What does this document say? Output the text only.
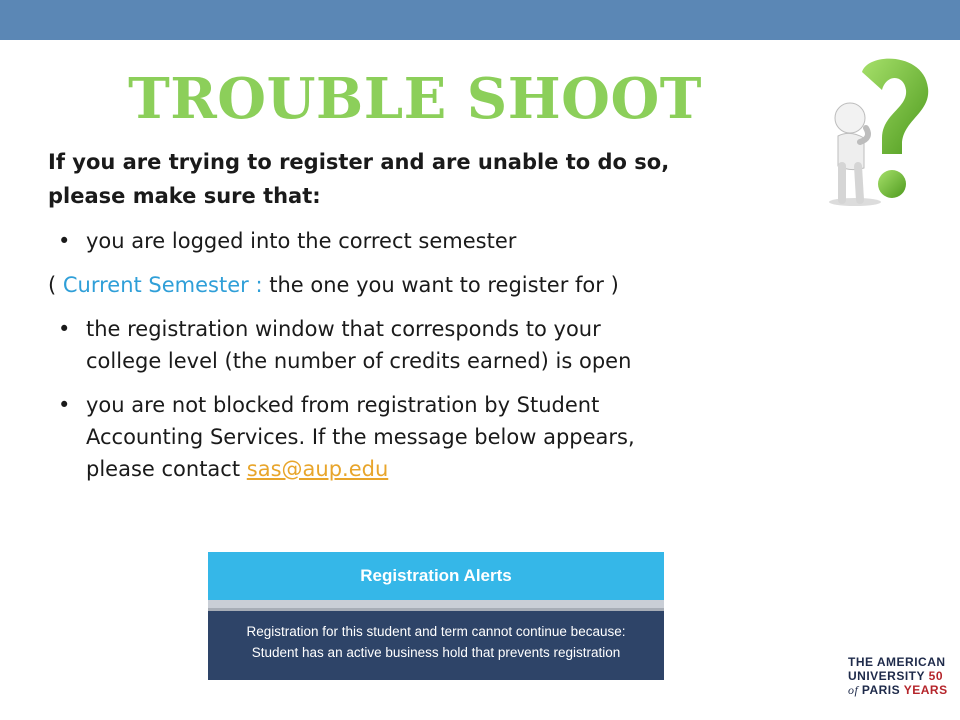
TROUBLE SHOOT
If you are trying to register and are unable to do so,
please make sure that:
• you are logged into the correct semester
( Current Semester : the one you want to register for )
• the registration window that corresponds to your
college level (the number of credits earned) is open
• you are not blocked from registration by Student
Accounting Services. If the message below appears,
please contact sas@aup.edu
Registration Alerts
Registration for this student and term cannot continue because:
Student has an active business hold that prevents registration
THE AMERICAN
UNIVERSITY 50
of PARIS YEARS
